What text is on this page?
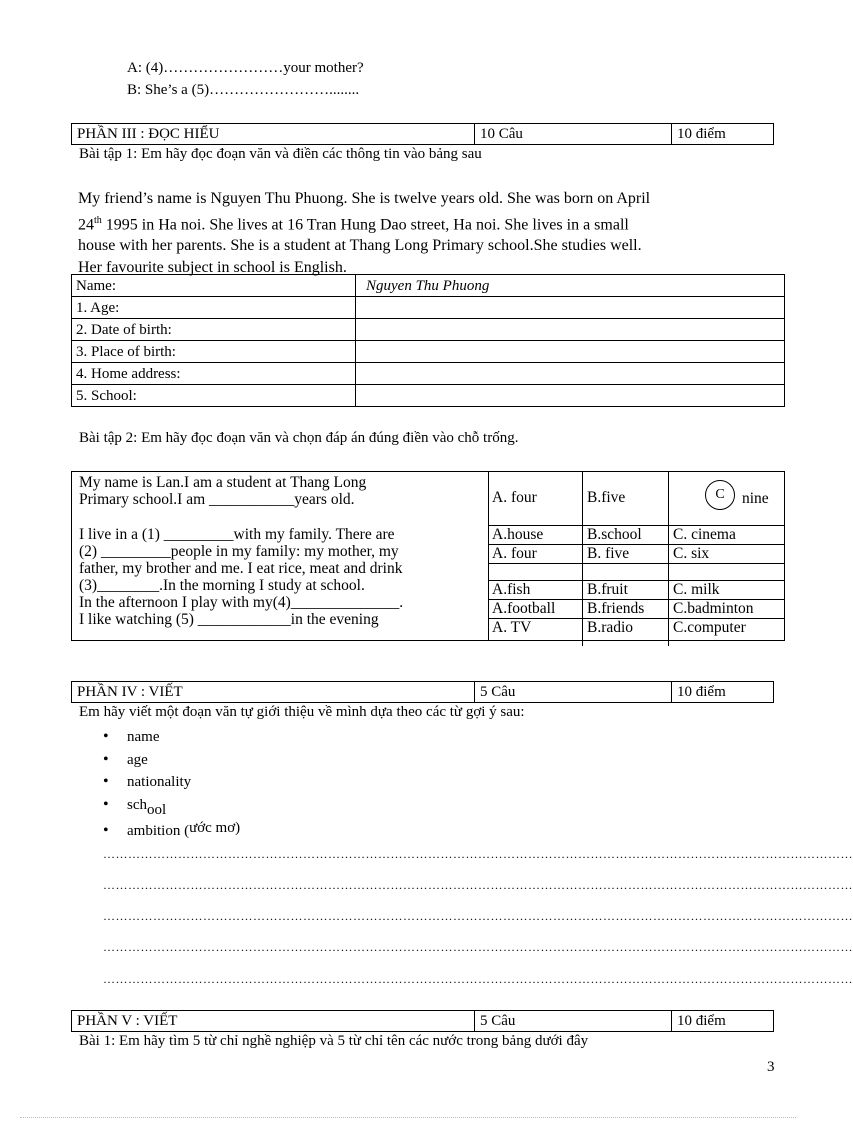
A: (4)……………………your mother?
B: She’s a (5)……………………........
PHẦN III : ĐỌC HIỂU	10 Câu	10 điểm
Bài tập 1: Em hãy đọc đoạn văn và điền các thông tin vào bảng sau
My friend’s name is Nguyen Thu Phuong. She is twelve years old. She was born on April
24th 1995 in Ha noi. She lives at 16 Tran Hung Dao street, Ha noi. She lives in a small
house with her parents. She is a student at Thang Long Primary school.She studies well.
Her favourite subject in school is English.
Name:	Nguyen Thu Phuong
1. Age:	
2. Date of birth:	
3. Place of birth:	
4. Home address:	
5. School:	
Bài tập 2: Em hãy đọc đoạn văn và chọn đáp án đúng điền vào chỗ trống.
My name is Lan.I am a student at Thang Long
Primary school.I am ___________years old.
I live in a (1) _________with my family. There are
(2) _________people in my family: my mother, my
father, my brother and me. I eat rice, meat and drink
(3)________.In the morning I study at school.
In the afternoon I play with my(4)______________.
I like watching (5) ____________in the evening
A. four	B.five	C nine

A.house	B.school	C. cinema
A. four	B. five	C. six

A.fish	B.fruit	C. milk
A.football	B.friends	C.badminton
A. TV	B.radio	C.computer
PHẦN IV : VIẾT	5 Câu	10 điểm
Em hãy viết một đoạn văn tự giới thiệu về mình dựa theo các từ gợi ý sau:
• name
• age
• nationality
• school
• ambition (ước mơ)
………………………………………………………………………………………………………………………………………………………………
………………………………………………………………………………………………………………………………………………………………
………………………………………………………………………………………………………………………………………………………………
………………………………………………………………………………………………………………………………………………………………
………………………………………………………………………………………………………………………………………………………………
PHẦN V : VIẾT	5 Câu	10 điểm
Bài 1: Em hãy tìm 5 từ chỉ nghề nghiệp và 5 từ chỉ tên các nước trong bảng dưới đây
3
